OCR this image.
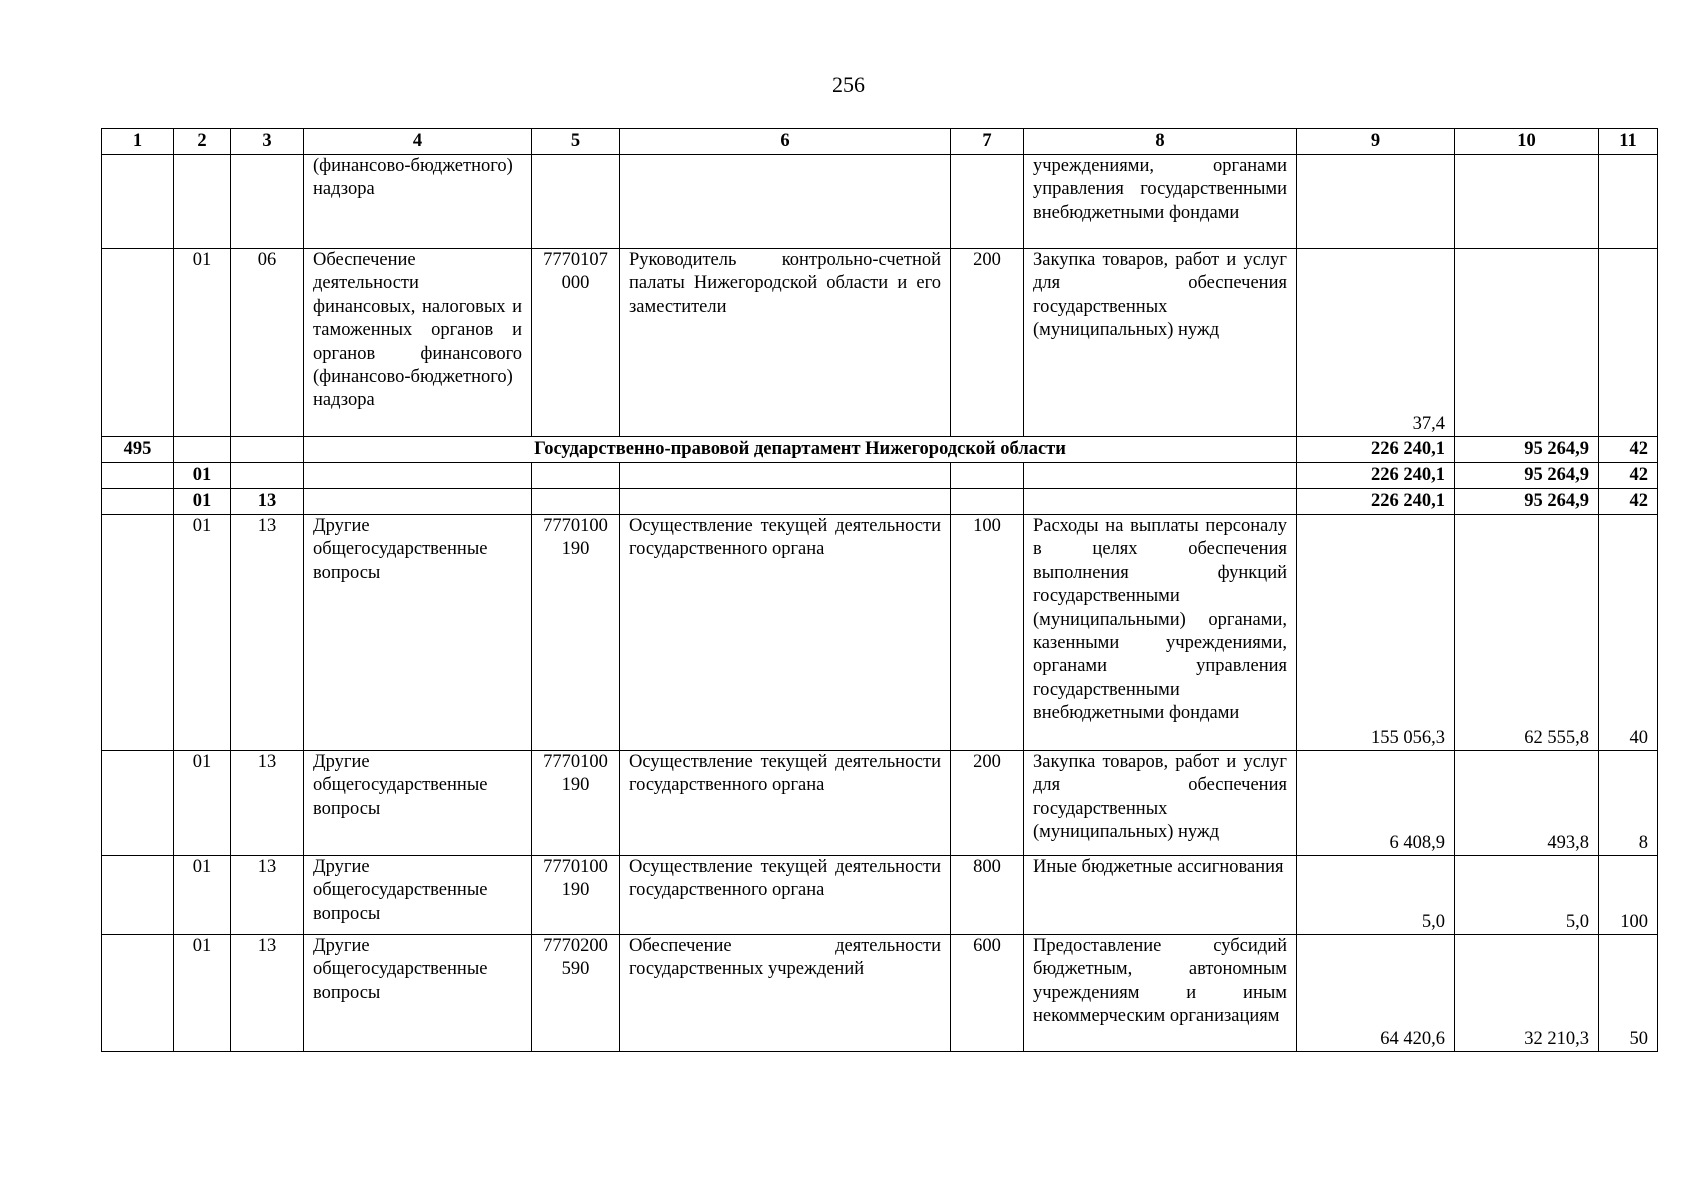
256
1	2	3	4	5	6	7	8	9	10	11
			(финансово-бюджетного) надзора				учреждениями, органами управления государственными внебюджетными фондами			
	01	06	Обеспечение деятельности финансовых, налоговых и таможенных органов и органов финансового (финансово-бюджетного) надзора	7770107000	Руководитель контрольно-счетной палаты Нижегородской области и его заместители	200	Закупка товаров, работ и услуг для обеспечения государственных (муниципальных) нужд	37,4		
495			Государственно-правовой департамент Нижегородской области					226 240,1	95 264,9	42
	01							226 240,1	95 264,9	42
	01	13						226 240,1	95 264,9	42
	01	13	Другие общегосударственные вопросы	7770100190	Осуществление текущей деятельности государственного органа	100	Расходы на выплаты персоналу в целях обеспечения выполнения функций государственными (муниципальными) органами, казенными учреждениями, органами управления государственными внебюджетными фондами	155 056,3	62 555,8	40
	01	13	Другие общегосударственные вопросы	7770100190	Осуществление текущей деятельности государственного органа	200	Закупка товаров, работ и услуг для обеспечения государственных (муниципальных) нужд	6 408,9	493,8	8
	01	13	Другие общегосударственные вопросы	7770100190	Осуществление текущей деятельности государственного органа	800	Иные бюджетные ассигнования	5,0	5,0	100
	01	13	Другие общегосударственные вопросы	7770200590	Обеспечение деятельности государственных учреждений	600	Предоставление субсидий бюджетным, автономным учреждениям и иным некоммерческим организациям	64 420,6	32 210,3	50
